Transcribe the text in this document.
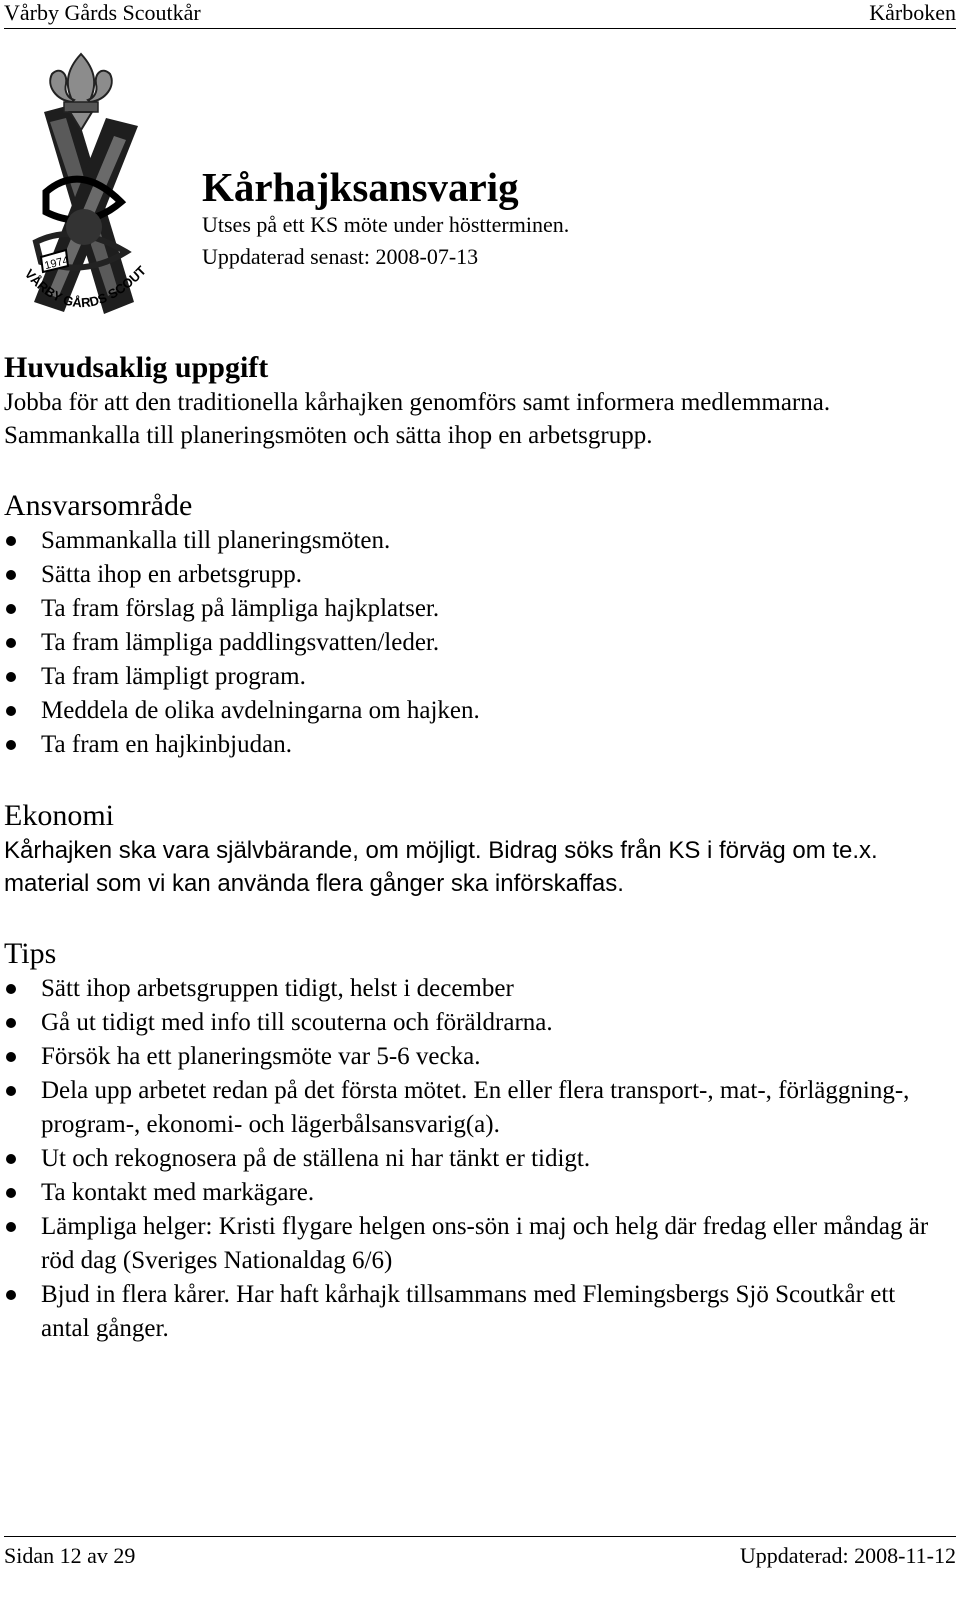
Vårby Gårds Scoutkår	Kårboken
1974
VÅRBY GÅRDS SCOUT
Kårhajksansvarig
Utses på ett KS möte under höstterminen.
Uppdaterad senast: 2008-07-13
Huvudsaklig uppgift

Jobba för att den traditionella kårhajken genomförs samt informera medlemmarna. Sammankalla till planeringsmöten och sätta ihop en arbetsgrupp.

Ansvarsområde
Sammankalla till planeringsmöten.
Sätta ihop en arbetsgrupp.
Ta fram förslag på lämpliga hajkplatser.
Ta fram lämpliga paddlingsvatten/leder.
Ta fram lämpligt program.
Meddela de olika avdelningarna om hajken.
Ta fram en hajkinbjudan.
Ekonomi

Kårhajken ska vara självbärande, om möjligt. Bidrag söks från KS i förväg om te.x. material som vi kan använda flera gånger ska införskaffas.

Tips
Sätt ihop arbetsgruppen tidigt, helst i december
Gå ut tidigt med info till scouterna och föräldrarna.
Försök ha ett planeringsmöte var 5-6 vecka.
Dela upp arbetet redan på det första mötet. En eller flera transport-, mat-, förläggning-, program-, ekonomi- och lägerbålsansvarig(a).
Ut och rekognosera på de ställena ni har tänkt er tidigt.
Ta kontakt med markägare.
Lämpliga helger: Kristi flygare helgen ons-sön i maj och helg där fredag eller måndag är röd dag (Sveriges Nationaldag 6/6)
Bjud in flera kårer. Har haft kårhajk tillsammans med Flemingsbergs Sjö Scoutkår ett antal gånger.
Sidan 12 av 29	Uppdaterad: 2008-11-12
